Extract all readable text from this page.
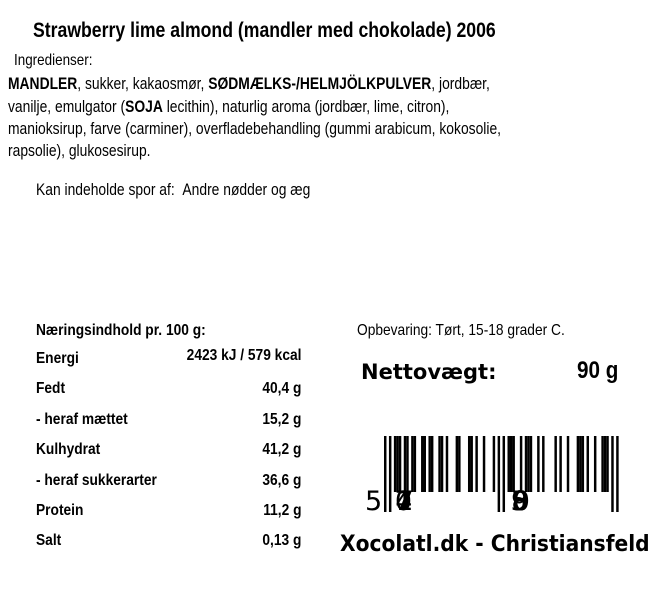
Strawberry lime almond (mandler med chokolade) 2006
Ingredienser:
MANDLER, sukker, kakaosmør, SØDMÆLKS-/HELMJÖLKPULVER, jordbær,
vanilje, emulgator (SOJA lecithin), naturlig aroma (jordbær, lime, citron),
manioksirup, farve (carminer), overfladebehandling (gummi arabicum, kokosolie,
rapsolie), glukosesirup.
Kan indeholde spor af: Andre nødder og æg
Næringsindhold pr. 100 g:
Energi	2423 kJ / 579 kcal
Fedt	40,4 g
- heraf mættet	15,2 g
Kulhydrat	41,2 g
- heraf sukkerarter	36,6 g
Protein	11,2 g
Salt	0,13 g
Opbevaring: Tørt, 15-18 grader C.
Nettovægt:	90 g
5 711407	003895
Xocolatl.dk - Christiansfeld
